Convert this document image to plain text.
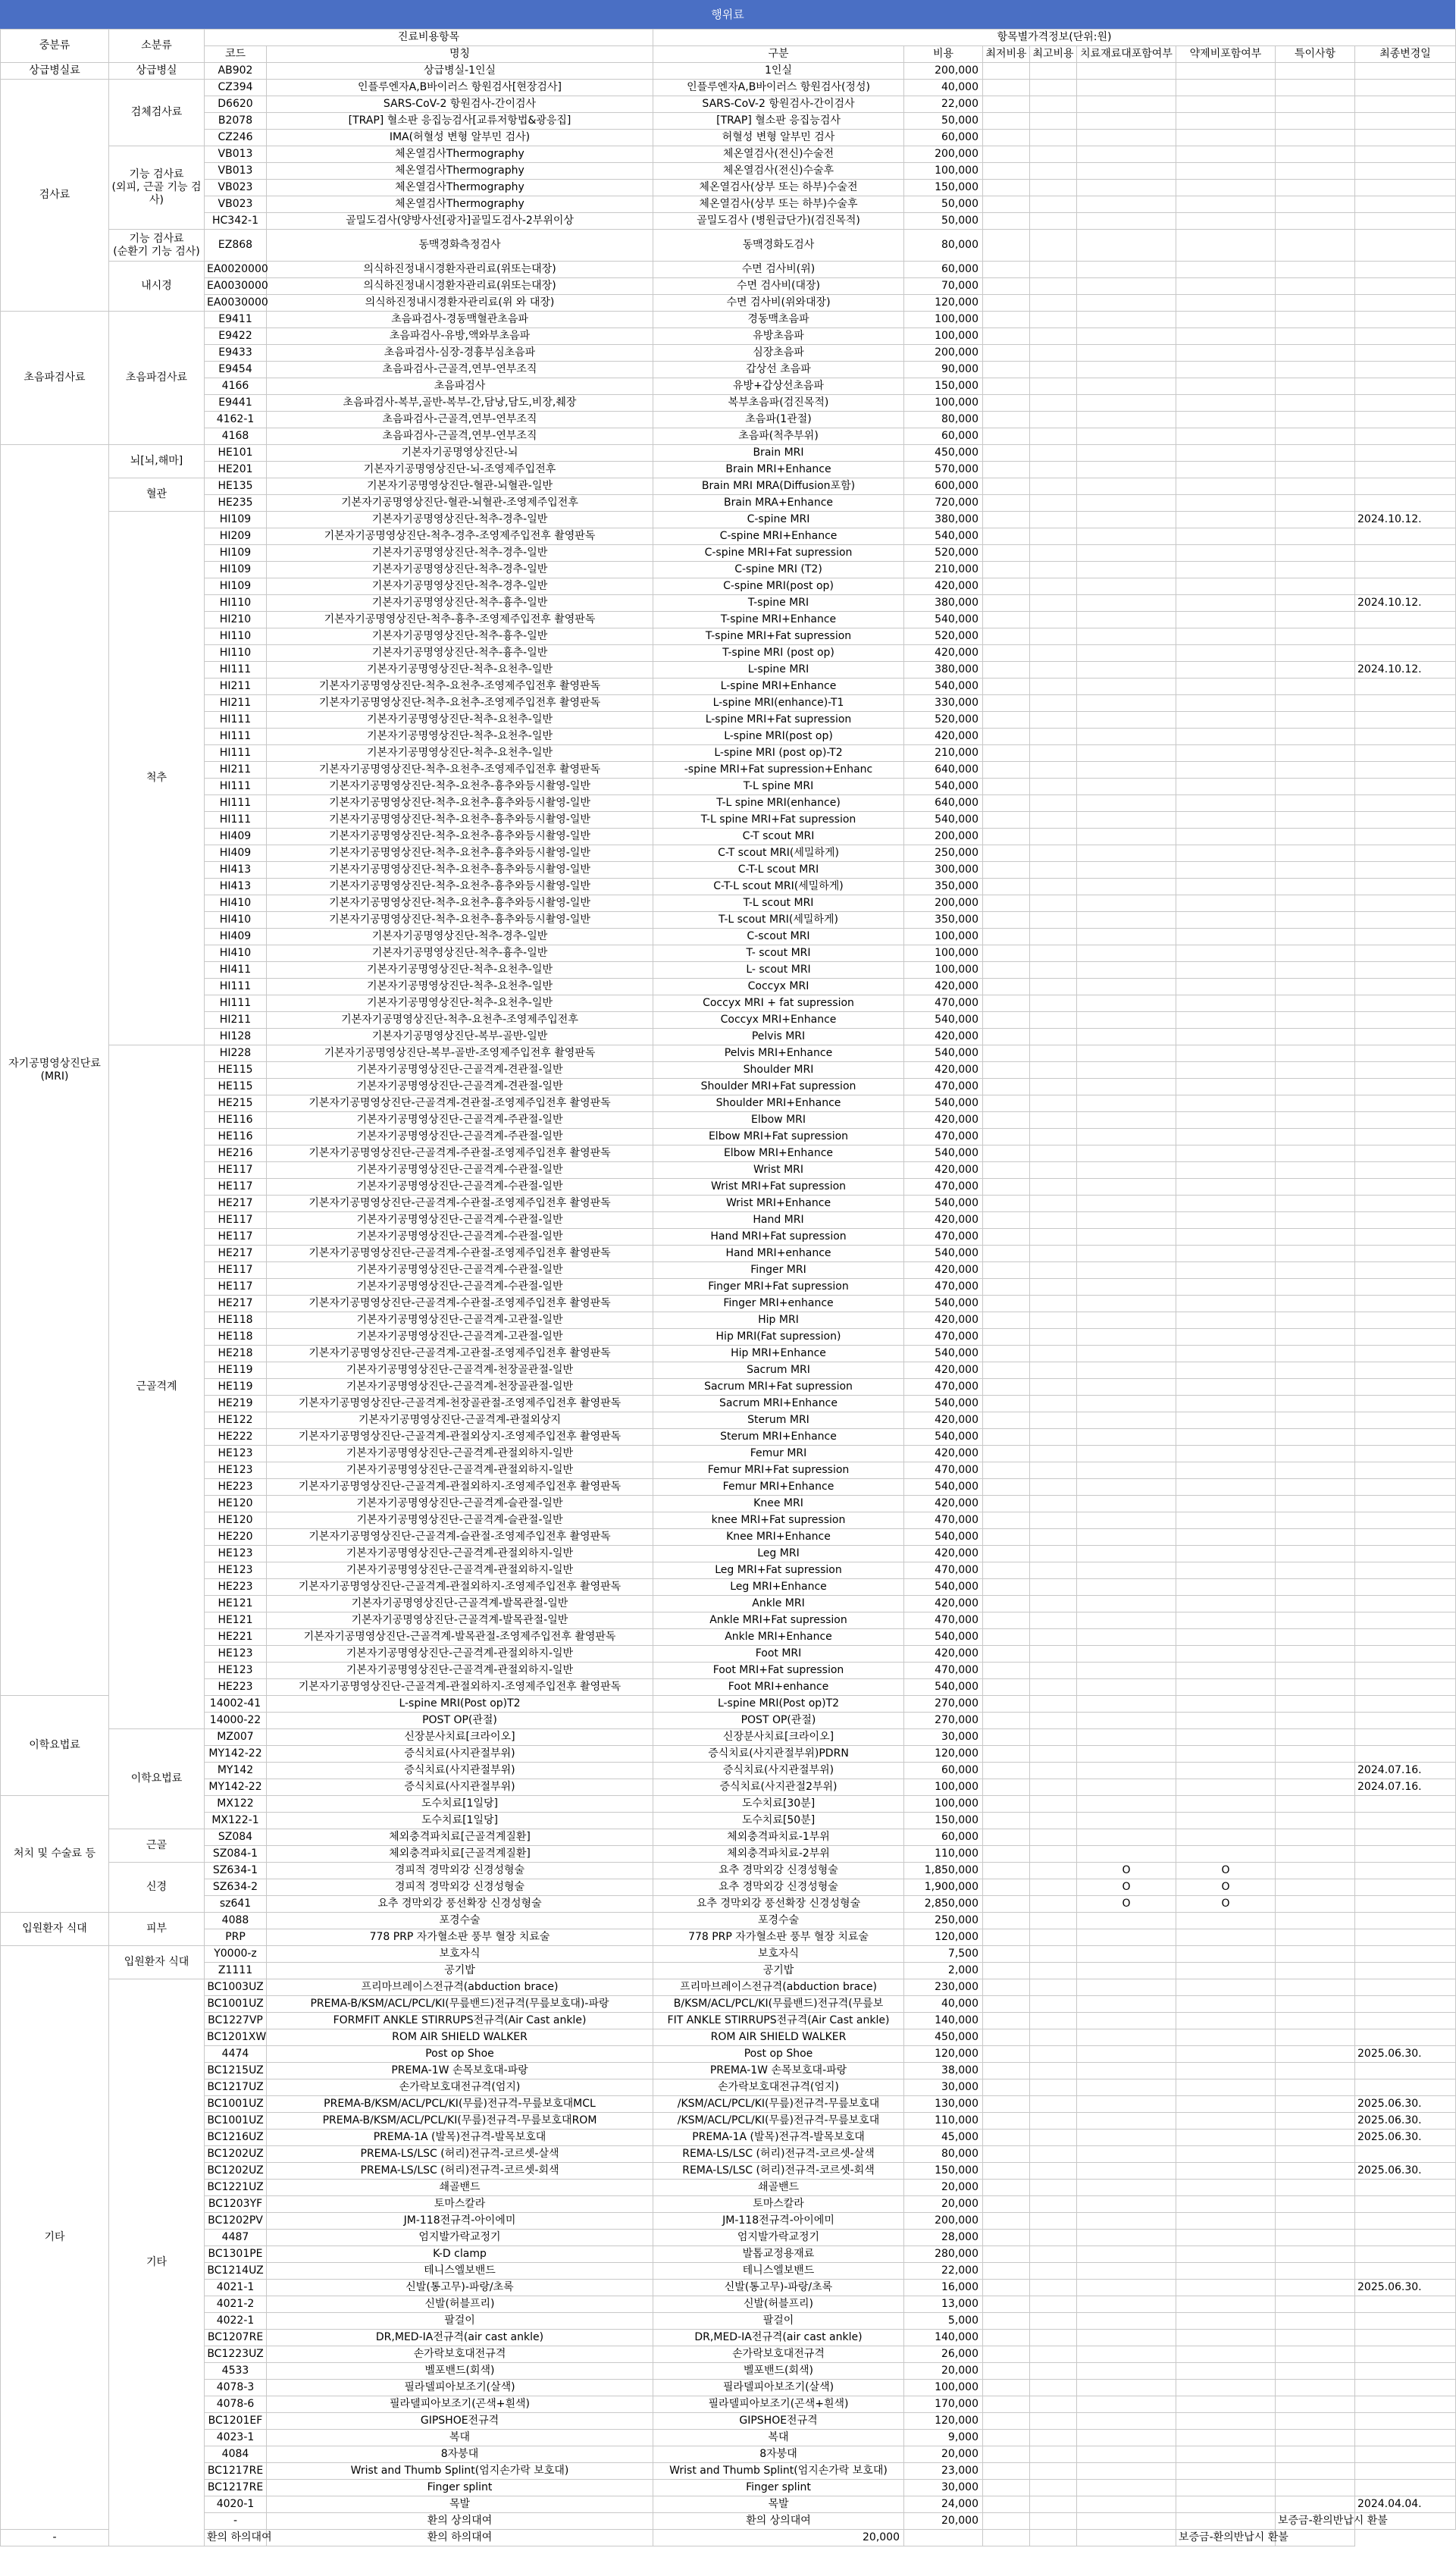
행위료
중분류	소분류	진료비용항목		항목별가격정보(단위:원)							
		코드	명칭	구분	비용	최저비용	최고비용	치료재료대포함여부	약제비포함여부	특이사항	최종변경일
상급병실료	상급병실	AB902	상급병실-1인실	1인실	200,000						
검사료	검체검사료	CZ394	인플루엔자A,B바이러스 항원검사[현장검사]	인플루엔자A,B바이러스 항원검사(정성)	40,000						
		D6620	SARS-CoV-2 항원검사-간이검사	SARS-CoV-2 항원검사-간이검사	22,000						
		B2078	[TRAP] 혈소판 응집능검사[교류저항법&광응집]	[TRAP] 혈소판 응집능검사	50,000						
		CZ246	IMA(허혈성 변형 알부민 검사)	허혈성 변형 알부민 검사	60,000						
	기능 검사료
(외피, 근골 기능 검사)	VB013	체온열검사Thermography	체온열검사(전신)수술전	200,000						
		VB013	체온열검사Thermography	체온열검사(전신)수술후	100,000						
		VB023	체온열검사Thermography	체온열검사(상부 또는 하부)수술전	150,000						
		VB023	체온열검사Thermography	체온열검사(상부 또는 하부)수술후	50,000						
		HC342-1	골밀도검사(양방사선[광자]골밀도검사-2부위이상	골밀도검사 (병원급단가)(검진목적)	50,000						
	기능 검사료
(순환기 기능 검사)	EZ868	동맥경화측정검사	동맥경화도검사	80,000						
	내시경	EA0020000	의식하진정내시경환자관리료(위또는대장)	수면 검사비(위)	60,000						
		EA0030000	의식하진정내시경환자관리료(위또는대장)	수면 검사비(대장)	70,000						
		EA0030000	의식하진정내시경환자관리료(위 와 대장)	수면 검사비(위와대장)	120,000						
초음파검사료	초음파검사료	E9411	초음파검사-경동맥혈관초음파	경동맥초음파	100,000						
		E9422	초음파검사-유방,액와부초음파	유방초음파	100,000						
		E9433	초음파검사-심장-경흉부심초음파	심장초음파	200,000						
		E9454	초음파검사-근골격,연부-연부조직	갑상선 초음파	90,000						
		4166	초음파검사	유방+갑상선초음파	150,000						
		E9441	초음파검사-복부,골반-복부-간,담낭,담도,비장,췌장	복부초음파(검진목적)	100,000						
		4162-1	초음파검사-근골격,연부-연부조직	초음파(1관절)	80,000						
		4168	초음파검사-근골격,연부-연부조직	초음파(척추부위)	60,000						
자기공명영상진단료
(MRI)	뇌[뇌,해마]	HE101	기본자기공명영상진단-뇌	Brain MRI	450,000						
		HE201	기본자기공명영상진단-뇌-조영제주입전후	Brain MRI+Enhance	570,000						
	혈관	HE135	기본자기공명영상진단-혈관-뇌혈관-일반	Brain MRI MRA(Diffusion포함)	600,000						
		HE235	기본자기공명영상진단-혈관-뇌혈관-조영제주입전후	Brain MRA+Enhance	720,000						
	척추	HI109	기본자기공명영상진단-척추-경추-일반	C-spine MRI	380,000						2024.10.12.
		HI209	기본자기공명영상진단-척추-경추-조영제주입전후 촬영판독	C-spine MRI+Enhance	540,000						
		HI109	기본자기공명영상진단-척추-경추-일반	C-spine MRI+Fat supression	520,000						
		HI109	기본자기공명영상진단-척추-경추-일반	C-spine MRI (T2)	210,000						
		HI109	기본자기공명영상진단-척추-경추-일반	C-spine MRI(post op)	420,000						
		HI110	기본자기공명영상진단-척추-흉추-일반	T-spine MRI	380,000						2024.10.12.
		HI210	기본자기공명영상진단-척추-흉추-조영제주입전후 촬영판독	T-spine MRI+Enhance	540,000						
		HI110	기본자기공명영상진단-척추-흉추-일반	T-spine MRI+Fat supression	520,000						
		HI110	기본자기공명영상진단-척추-흉추-일반	T-spine MRI (post op)	420,000						
		HI111	기본자기공명영상진단-척추-요천추-일반	L-spine MRI	380,000						2024.10.12.
		HI211	기본자기공명영상진단-척추-요천추-조영제주입전후 촬영판독	L-spine MRI+Enhance	540,000						
		HI211	기본자기공명영상진단-척추-요천추-조영제주입전후 촬영판독	L-spine MRI(enhance)-T1	330,000						
		HI111	기본자기공명영상진단-척추-요천추-일반	L-spine MRI+Fat supression	520,000						
		HI111	기본자기공명영상진단-척추-요천추-일반	L-spine MRI(post op)	420,000						
		HI111	기본자기공명영상진단-척추-요천추-일반	L-spine MRI (post op)-T2	210,000						
		HI211	기본자기공명영상진단-척추-요천추-조영제주입전후 촬영판독	-spine MRI+Fat supression+Enhanc	640,000						
		HI111	기본자기공명영상진단-척추-요천추-흉추와등시촬영-일반	T-L spine MRI	540,000						
		HI111	기본자기공명영상진단-척추-요천추-흉추와등시촬영-일반	T-L spine MRI(enhance)	640,000						
		HI111	기본자기공명영상진단-척추-요천추-흉추와등시촬영-일반	T-L spine MRI+Fat supression	540,000						
		HI409	기본자기공명영상진단-척추-요천추-흉추와등시촬영-일반	C-T scout MRI	200,000						
		HI409	기본자기공명영상진단-척추-요천추-흉추와등시촬영-일반	C-T scout MRI(세밀하게)	250,000						
		HI413	기본자기공명영상진단-척추-요천추-흉추와등시촬영-일반	C-T-L scout MRI	300,000						
		HI413	기본자기공명영상진단-척추-요천추-흉추와등시촬영-일반	C-T-L scout MRI(세밀하게)	350,000						
		HI410	기본자기공명영상진단-척추-요천추-흉추와등시촬영-일반	T-L scout MRI	200,000						
		HI410	기본자기공명영상진단-척추-요천추-흉추와등시촬영-일반	T-L scout MRI(세밀하게)	350,000						
		HI409	기본자기공명영상진단-척추-경추-일반	C-scout MRI	100,000						
		HI410	기본자기공명영상진단-척추-흉추-일반	T- scout MRI	100,000						
		HI411	기본자기공명영상진단-척추-요천추-일반	L- scout MRI	100,000						
		HI111	기본자기공명영상진단-척추-요천추-일반	Coccyx MRI	420,000						
		HI111	기본자기공명영상진단-척추-요천추-일반	Coccyx MRI + fat supression	470,000						
		HI211	기본자기공명영상진단-척추-요천추-조영제주입전후	Coccyx MRI+Enhance	540,000						
		HI128	기본자기공명영상진단-복부-골반-일반	Pelvis MRI	420,000						
	근골격계	HI228	기본자기공명영상진단-복부-골반-조영제주입전후 촬영판독	Pelvis MRI+Enhance	540,000						
		HE115	기본자기공명영상진단-근골격계-견관절-일반	Shoulder MRI	420,000						
		HE115	기본자기공명영상진단-근골격계-견관절-일반	Shoulder MRI+Fat supression	470,000						
		HE215	기본자기공명영상진단-근골격계-견관절-조영제주입전후 촬영판독	Shoulder MRI+Enhance	540,000						
		HE116	기본자기공명영상진단-근골격계-주관절-일반	Elbow MRI	420,000						
		HE116	기본자기공명영상진단-근골격계-주관절-일반	Elbow MRI+Fat supression	470,000						
		HE216	기본자기공명영상진단-근골격계-주관절-조영제주입전후 촬영판독	Elbow MRI+Enhance	540,000						
		HE117	기본자기공명영상진단-근골격계-수관절-일반	Wrist MRI	420,000						
		HE117	기본자기공명영상진단-근골격계-수관절-일반	Wrist MRI+Fat supression	470,000						
		HE217	기본자기공명영상진단-근골격계-수관절-조영제주입전후 촬영판독	Wrist MRI+Enhance	540,000						
		HE117	기본자기공명영상진단-근골격계-수관절-일반	Hand MRI	420,000						
		HE117	기본자기공명영상진단-근골격계-수관절-일반	Hand MRI+Fat supression	470,000						
		HE217	기본자기공명영상진단-근골격계-수관절-조영제주입전후 촬영판독	Hand MRI+enhance	540,000						
		HE117	기본자기공명영상진단-근골격계-수관절-일반	Finger MRI	420,000						
		HE117	기본자기공명영상진단-근골격계-수관절-일반	Finger MRI+Fat supression	470,000						
		HE217	기본자기공명영상진단-근골격계-수관절-조영제주입전후 촬영판독	Finger MRI+enhance	540,000						
		HE118	기본자기공명영상진단-근골격계-고관절-일반	Hip MRI	420,000						
		HE118	기본자기공명영상진단-근골격계-고관절-일반	Hip MRI(Fat supression)	470,000						
		HE218	기본자기공명영상진단-근골격계-고관절-조영제주입전후 촬영판독	Hip MRI+Enhance	540,000						
		HE119	기본자기공명영상진단-근골격계-천장골관절-일반	Sacrum MRI	420,000						
		HE119	기본자기공명영상진단-근골격계-천장골관절-일반	Sacrum MRI+Fat supression	470,000						
		HE219	기본자기공명영상진단-근골격계-천장골관절-조영제주입전후 촬영판독	Sacrum MRI+Enhance	540,000						
		HE122	기본자기공명영상진단-근골격계-관절외상지	Sterum MRI	420,000						
		HE222	기본자기공명영상진단-근골격계-관절외상지-조영제주입전후 촬영판독	Sterum MRI+Enhance	540,000						
		HE123	기본자기공명영상진단-근골격계-관절외하지-일반	Femur MRI	420,000						
		HE123	기본자기공명영상진단-근골격계-관절외하지-일반	Femur MRI+Fat supression	470,000						
		HE223	기본자기공명영상진단-근골격계-관절외하지-조영제주입전후 촬영판독	Femur MRI+Enhance	540,000						
		HE120	기본자기공명영상진단-근골격계-슬관절-일반	Knee MRI	420,000						
		HE120	기본자기공명영상진단-근골격계-슬관절-일반	knee MRI+Fat supression	470,000						
		HE220	기본자기공명영상진단-근골격계-슬관절-조영제주입전후 촬영판독	Knee MRI+Enhance	540,000						
		HE123	기본자기공명영상진단-근골격계-관절외하지-일반	Leg MRI	420,000						
		HE123	기본자기공명영상진단-근골격계-관절외하지-일반	Leg MRI+Fat supression	470,000						
		HE223	기본자기공명영상진단-근골격계-관절외하지-조영제주입전후 촬영판독	Leg MRI+Enhance	540,000						
		HE121	기본자기공명영상진단-근골격계-발목관절-일반	Ankle MRI	420,000						
		HE121	기본자기공명영상진단-근골격계-발목관절-일반	Ankle MRI+Fat supression	470,000						
		HE221	기본자기공명영상진단-근골격계-발목관절-조영제주입전후 촬영판독	Ankle MRI+Enhance	540,000						
		HE123	기본자기공명영상진단-근골격계-관절외하지-일반	Foot MRI	420,000						
		HE123	기본자기공명영상진단-근골격계-관절외하지-일반	Foot MRI+Fat supression	470,000						
		HE223	기본자기공명영상진단-근골격계-관절외하지-조영제주입전후 촬영판독	Foot MRI+enhance	540,000						
이학요법료		14002-41	L-spine MRI(Post op)T2	L-spine MRI(Post op)T2	270,000						
		14000-22	POST OP(관절)	POST OP(관절)	270,000						
	이학요법료	MZ007	신장분사치료[크라이오]	신장분사치료[크라이오]	30,000						
		MY142-22	증식치료(사지관절부위)	증식치료(사지관절부위)PDRN	120,000						
		MY142	증식치료(사지관절부위)	증식치료(사지관절부위)	60,000						2024.07.16.
		MY142-22	증식치료(사지관절부위)	증식치료(사지관절2부위)	100,000						2024.07.16.
처치 및 수술료 등		MX122	도수치료[1일당]	도수치료[30분]	100,000						
		MX122-1	도수치료[1일당]	도수치료[50분]	150,000						
	근골	SZ084	체외충격파치료[근골격계질환]	체외충격파치료-1부위	60,000						
		SZ084-1	체외충격파치료[근골격계질환]	체외충격파치료-2부위	110,000						
	신경	SZ634-1	경피적 경막외강 신경성형술	요추 경막외강 신경성형술	1,850,000			O	O		
		SZ634-2	경피적 경막외강 신경성형술	요추 경막외강 신경성형술	1,900,000			O	O		
		sz641	요추 경막외강 풍선확장 신경성형술	요추 경막외강 풍선확장 신경성형술	2,850,000			O	O		
입원환자 식대	피부	4088	포경수술	포경수술	250,000						
		PRP	778 PRP 자가혈소판 풍부 혈장 치료술	778 PRP 자가혈소판 풍부 혈장 치료술	120,000						
기타	입원환자 식대	Y0000-z	보호자식	보호자식	7,500						
		Z1111	공기밥	공기밥	2,000						
	기타	BC1003UZ	프리마브레이스전규격(abduction brace)	프리마브레이스전규격(abduction brace)	230,000						
		BC1001UZ	PREMA-B/KSM/ACL/PCL/KI(무릎밴드)전규격(무릎보호대)-파랑	B/KSM/ACL/PCL/KI(무릎밴드)전규격(무릎보	40,000						
		BC1227VP	FORMFIT ANKLE STIRRUPS전규격(Air Cast ankle)	FIT ANKLE STIRRUPS전규격(Air Cast ankle)	140,000						
		BC1201XW	ROM AIR SHIELD WALKER	ROM AIR SHIELD WALKER	450,000						
		4474	Post op Shoe	Post op Shoe	120,000						2025.06.30.
		BC1215UZ	PREMA-1W 손목보호대-파랑	PREMA-1W 손목보호대-파랑	38,000						
		BC1217UZ	손가락보호대전규격(엄지)	손가락보호대전규격(엄지)	30,000						
		BC1001UZ	PREMA-B/KSM/ACL/PCL/KI(무릎)전규격-무릎보호대MCL	/KSM/ACL/PCL/KI(무릎)전규격-무릎보호대	130,000						2025.06.30.
		BC1001UZ	PREMA-B/KSM/ACL/PCL/KI(무릎)전규격-무릎보호대ROM	/KSM/ACL/PCL/KI(무릎)전규격-무릎보호대	110,000						2025.06.30.
		BC1216UZ	PREMA-1A (발목)전규격-발목보호대	PREMA-1A (발목)전규격-발목보호대	45,000						2025.06.30.
		BC1202UZ	PREMA-LS/LSC (허리)전규격-코르셋-살색	REMA-LS/LSC (허리)전규격-코르셋-살색	80,000						
		BC1202UZ	PREMA-LS/LSC (허리)전규격-코르셋-회색	REMA-LS/LSC (허리)전규격-코르셋-회색	150,000						2025.06.30.
		BC1221UZ	쇄골밴드	쇄골밴드	20,000						
		BC1203YF	토마스칼라	토마스칼라	20,000						
		BC1202PV	JM-118전규격-아이에미	JM-118전규격-아이에미	200,000						
		4487	엄지발가락교정기	엄지발가락교정기	28,000						
		BC1301PE	K-D clamp	발톱교정용재료	280,000						
		BC1214UZ	테니스엘보밴드	테니스엘보밴드	22,000						
		4021-1	신발(통고무)-파랑/초록	신발(통고무)-파랑/초록	16,000						2025.06.30.
		4021-2	신발(허블프리)	신발(허블프리)	13,000						
		4022-1	팔걸이	팔걸이	5,000						
		BC1207RE	DR,MED-IA전규격(air cast ankle)	DR,MED-IA전규격(air cast ankle)	140,000						
		BC1223UZ	손가락보호대전규격	손가락보호대전규격	26,000						
		4533	벨포밴드(회색)	벨포밴드(회색)	20,000						
		4078-3	필라델피아보조기(살색)	필라델피아보조기(살색)	100,000						
		4078-6	필라델피아보조기(곤색+흰색)	필라델피아보조기(곤색+흰색)	170,000						
		BC1201EF	GIPSHOE전규격	GIPSHOE전규격	120,000						
		4023-1	복대	복대	9,000						
		4084	8자붕대	8자붕대	20,000						
		BC1217RE	Wrist and Thumb Splint(엄지손가락 보호대)	Wrist and Thumb Splint(엄지손가락 보호대)	23,000						
		BC1217RE	Finger splint	Finger splint	30,000						
		4020-1	목발	목발	24,000						2024.04.04.
		-	환의 상의대여	환의 상의대여	20,000					보증금-환의반납시 환불	
-		환의 하의대여	환의 하의대여	20,000					보증금-환의반납시 환불		
